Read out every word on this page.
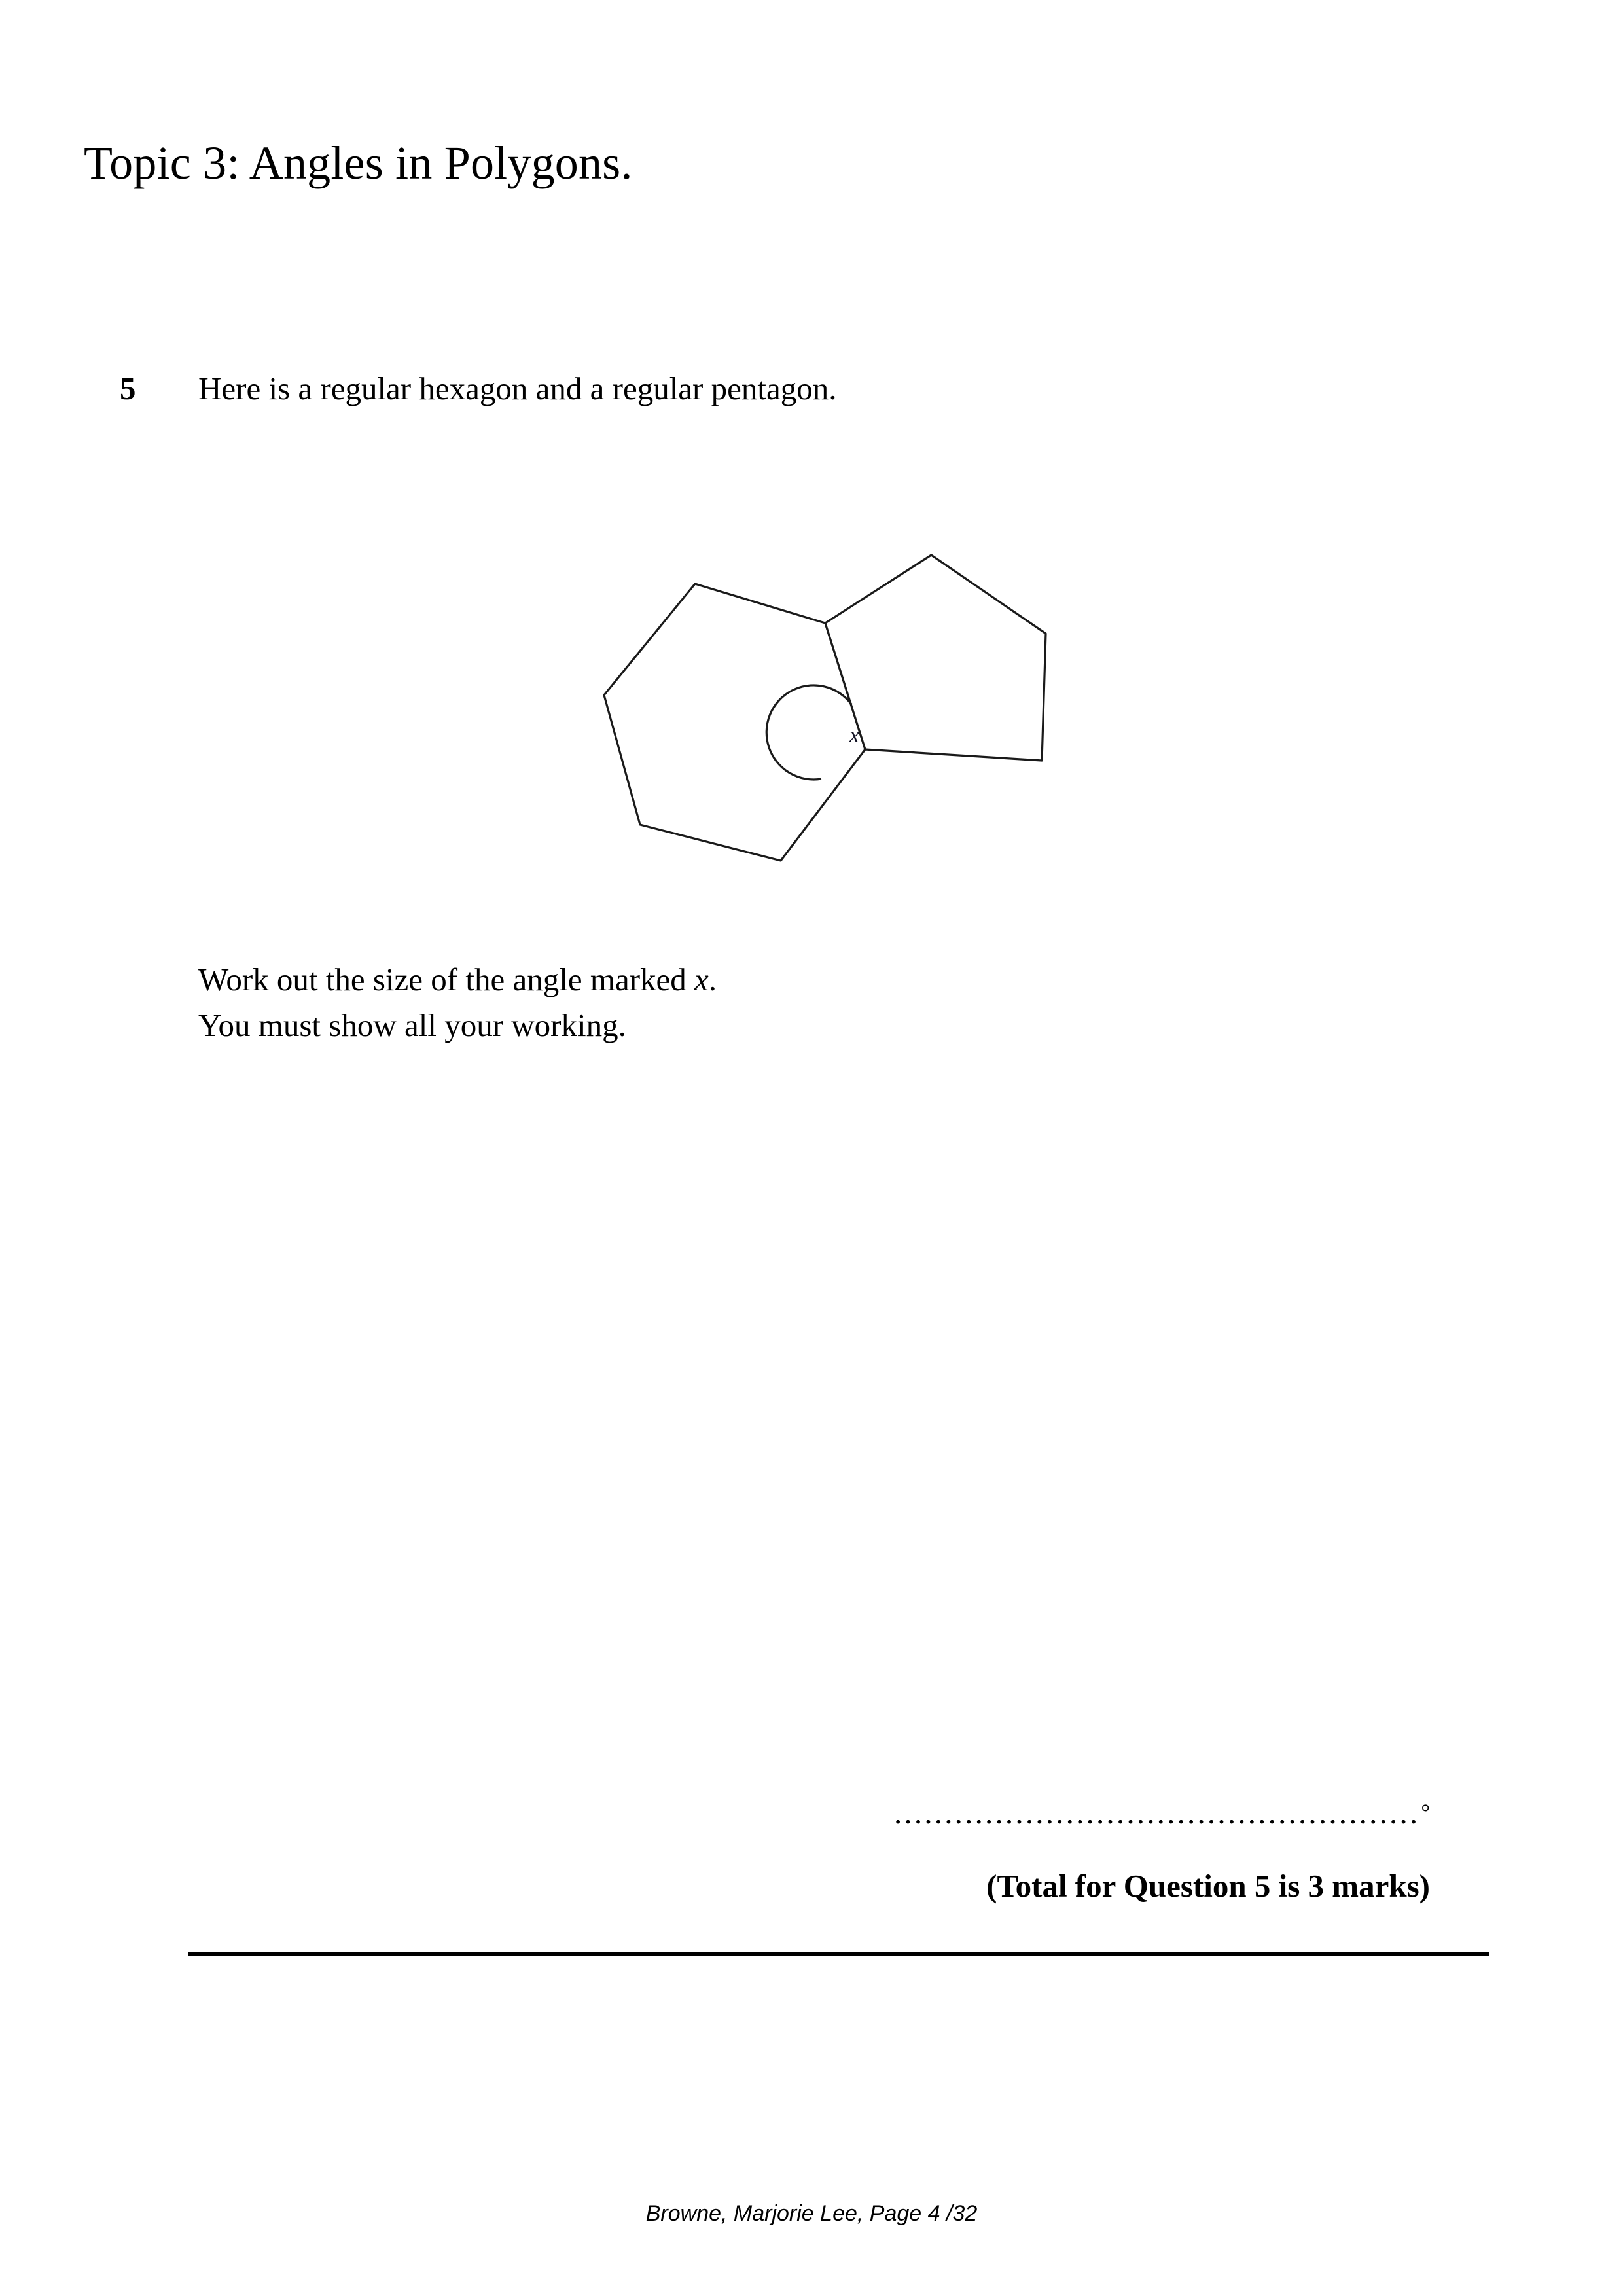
Topic 3: Angles in Polygons.
5 Here is a regular hexagon and a regular pentagon.
x
Work out the size of the angle marked x.
You must show all your working.
....................................................°
(Total for Question 5 is 3 marks)
Browne, Marjorie Lee, Page 4 /32
